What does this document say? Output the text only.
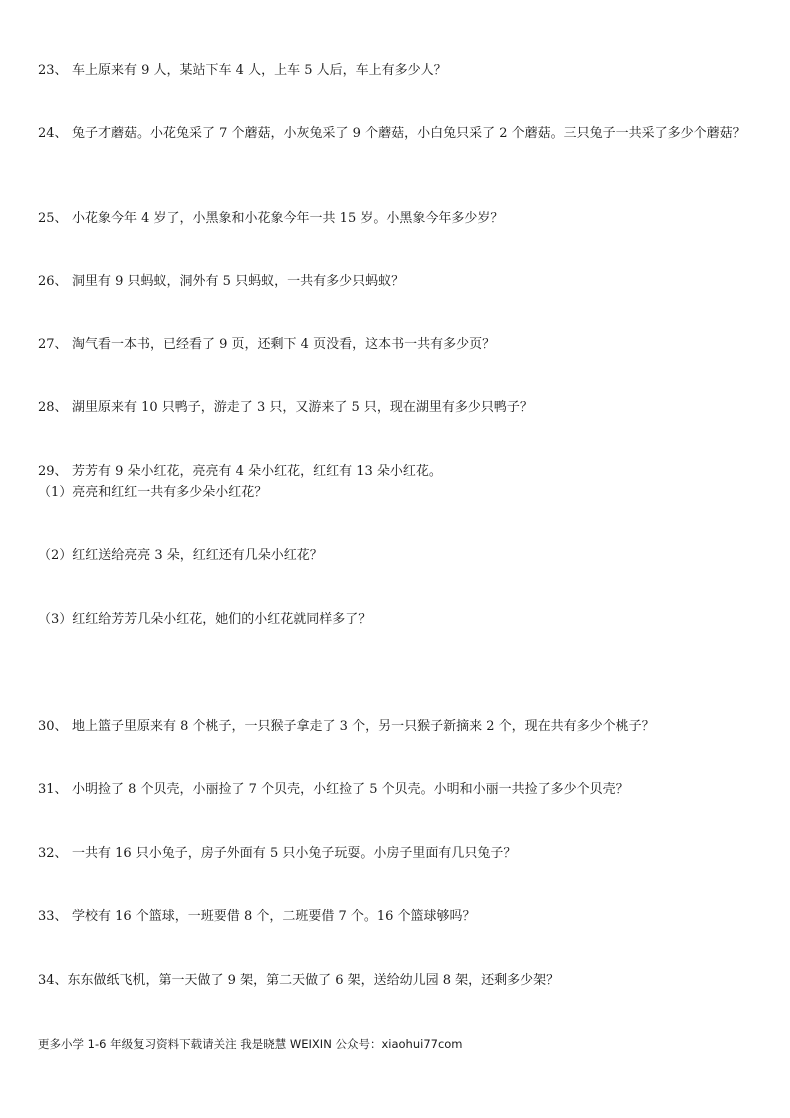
23、 车上原来有 9 人，某站下车 4 人，上车 5 人后，车上有多少人？
24、 兔子才蘑菇。小花兔采了 7 个蘑菇，小灰兔采了 9 个蘑菇，小白兔只采了 2 个蘑菇。三只兔子一共采了多少个蘑菇？
25、 小花象今年 4 岁了，小黑象和小花象今年一共 15 岁。小黑象今年多少岁？
26、 洞里有 9 只蚂蚁，洞外有 5 只蚂蚁，一共有多少只蚂蚁？
27、 淘气看一本书，已经看了 9 页，还剩下 4 页没看，这本书一共有多少页？
28、 湖里原来有 10 只鸭子，游走了 3 只，又游来了 5 只，现在湖里有多少只鸭子？
29、 芳芳有 9 朵小红花，亮亮有 4 朵小红花，红红有 13 朵小红花。
（1）亮亮和红红一共有多少朵小红花？
（2）红红送给亮亮 3 朵，红红还有几朵小红花？
（3）红红给芳芳几朵小红花，她们的小红花就同样多了？
30、 地上篮子里原来有 8 个桃子，一只猴子拿走了 3 个，另一只猴子新摘来 2 个，现在共有多少个桃子？
31、 小明捡了 8 个贝壳，小丽捡了 7 个贝壳，小红捡了 5 个贝壳。小明和小丽一共捡了多少个贝壳？
32、 一共有 16 只小兔子，房子外面有 5 只小兔子玩耍。小房子里面有几只兔子？
33、 学校有 16 个篮球，一班要借 8 个，二班要借 7 个。16 个篮球够吗？
34、东东做纸飞机，第一天做了 9 架，第二天做了 6 架，送给幼儿园 8 架，还剩多少架？
更多小学 1-6 年级复习资料下载请关注 我是晓慧 WEIXIN 公众号：xiaohui77com
